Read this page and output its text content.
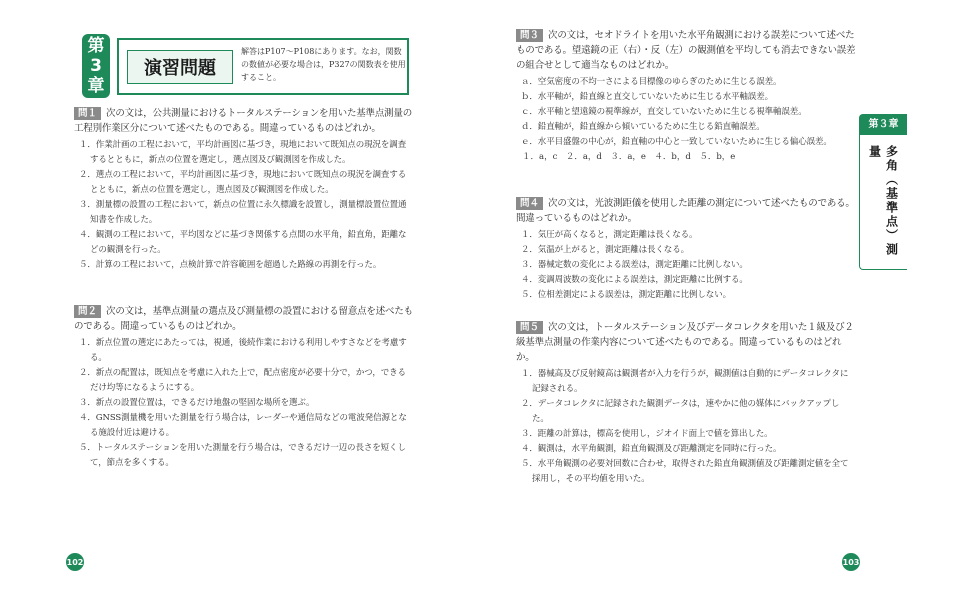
第
3
章
演習問題
解答はP107～P108にあります。なお，関数の数値が必要な場合は，P327の関数表を使用すること。
問１ 次の文は，公共測量におけるトータルステーションを用いた基準点測量の工程別作業区分について述べたものである。間違っているものはどれか。
１．作業計画の工程において，平均計画図に基づき，現地において既知点の現況を調査するとともに，新点の位置を選定し，選点図及び観測図を作成した。
２．選点の工程において，平均計画図に基づき，現地において既知点の現況を調査するとともに，新点の位置を選定し，選点図及び観測図を作成した。
３．測量標の設置の工程において，新点の位置に永久標識を設置し，測量標設置位置通知書を作成した。
４．観測の工程において，平均図などに基づき関係する点間の水平角，鉛直角，距離などの観測を行った。
５．計算の工程において，点検計算で許容範囲を超過した路線の再測を行った。
問２ 次の文は，基準点測量の選点及び測量標の設置における留意点を述べたものである。間違っているものはどれか。
１．新点位置の選定にあたっては，視通，後続作業における利用しやすさなどを考慮する。
２．新点の配置は，既知点を考慮に入れた上で，配点密度が必要十分で，かつ，できるだけ均等になるようにする。
３．新点の設置位置は，できるだけ地盤の堅固な場所を選ぶ。
４．GNSS測量機を用いた測量を行う場合は，レーダーや通信局などの電波発信源となる施設付近は避ける。
５．トータルステーションを用いた測量を行う場合は，できるだけ一辺の長さを短くして，節点を多くする。
問３ 次の文は，セオドライトを用いた水平角観測における誤差について述べたものである。望遠鏡の正（右）・反（左）の観測値を平均しても消去できない誤差の組合せとして適当なものはどれか。
ａ．空気密度の不均一さによる目標像のゆらぎのために生じる誤差。
ｂ．水平軸が，鉛直線と直交していないために生じる水平軸誤差。
ｃ．水平軸と望遠鏡の視準線が，直交していないために生じる視準軸誤差。
ｄ．鉛直軸が，鉛直線から傾いているために生じる鉛直軸誤差。
ｅ．水平目盛盤の中心が，鉛直軸の中心と一致していないために生じる偏心誤差。
１．a，c　２．a，d　３．a，e　４．b，d　５．b，e
問４ 次の文は，光波測距儀を使用した距離の測定について述べたものである。間違っているものはどれか。
１．気圧が高くなると，測定距離は長くなる。
２．気温が上がると，測定距離は長くなる。
３．器械定数の変化による誤差は，測定距離に比例しない。
４．変調周波数の変化による誤差は，測定距離に比例する。
５．位相差測定による誤差は，測定距離に比例しない。
問５ 次の文は，トータルステーション及びデータコレクタを用いた１級及び２級基準点測量の作業内容について述べたものである。間違っているものはどれか。
１．器械高及び反射鏡高は観測者が入力を行うが，観測値は自動的にデータコレクタに記録される。
２．データコレクタに記録された観測データは，速やかに他の媒体にバックアップした。
３．距離の計算は，標高を使用し，ジオイド面上で値を算出した。
４．観測は，水平角観測，鉛直角観測及び距離測定を同時に行った。
５．水平角観測の必要対回数に合わせ，取得された鉛直角観測値及び距離測定値を全て採用し，その平均値を用いた。
第３章
多角（基準点）測量
102	103
